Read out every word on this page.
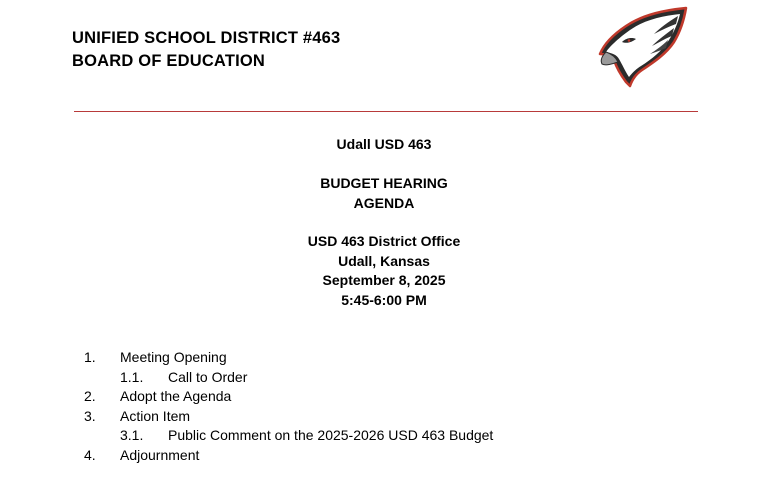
UNIFIED SCHOOL DISTRICT #463
BOARD OF EDUCATION
Udall USD 463
BUDGET HEARING
AGENDA
USD 463 District Office
Udall, Kansas
September 8, 2025
5:45-6:00 PM
1. Meeting Opening
1.1. Call to Order
2. Adopt the Agenda
3. Action Item
3.1. Public Comment on the 2025-2026 USD 463 Budget
4. Adjournment
